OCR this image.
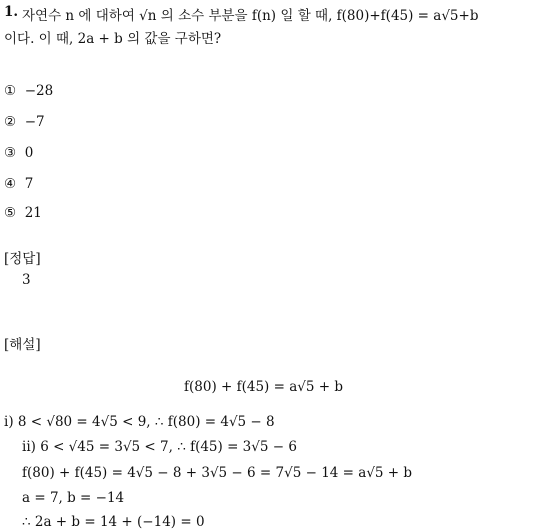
1. 자연수 n 에 대하여 √n 의 소수 부분을 f(n) 일 할 때, f(80)+f(45) = a√5+b
이다. 이 때, 2a + b 의 값을 구하면?
① −28
② −7
③ 0
④ 7
⑤ 21
[정답]
3
[해설]
f(80) + f(45) = a√5 + b
i) 8 < √80 = 4√5 < 9, ∴ f(80) = 4√5 − 8
ii) 6 < √45 = 3√5 < 7, ∴ f(45) = 3√5 − 6
f(80) + f(45) = 4√5 − 8 + 3√5 − 6 = 7√5 − 14 = a√5 + b
a = 7, b = −14
∴ 2a + b = 14 + (−14) = 0
